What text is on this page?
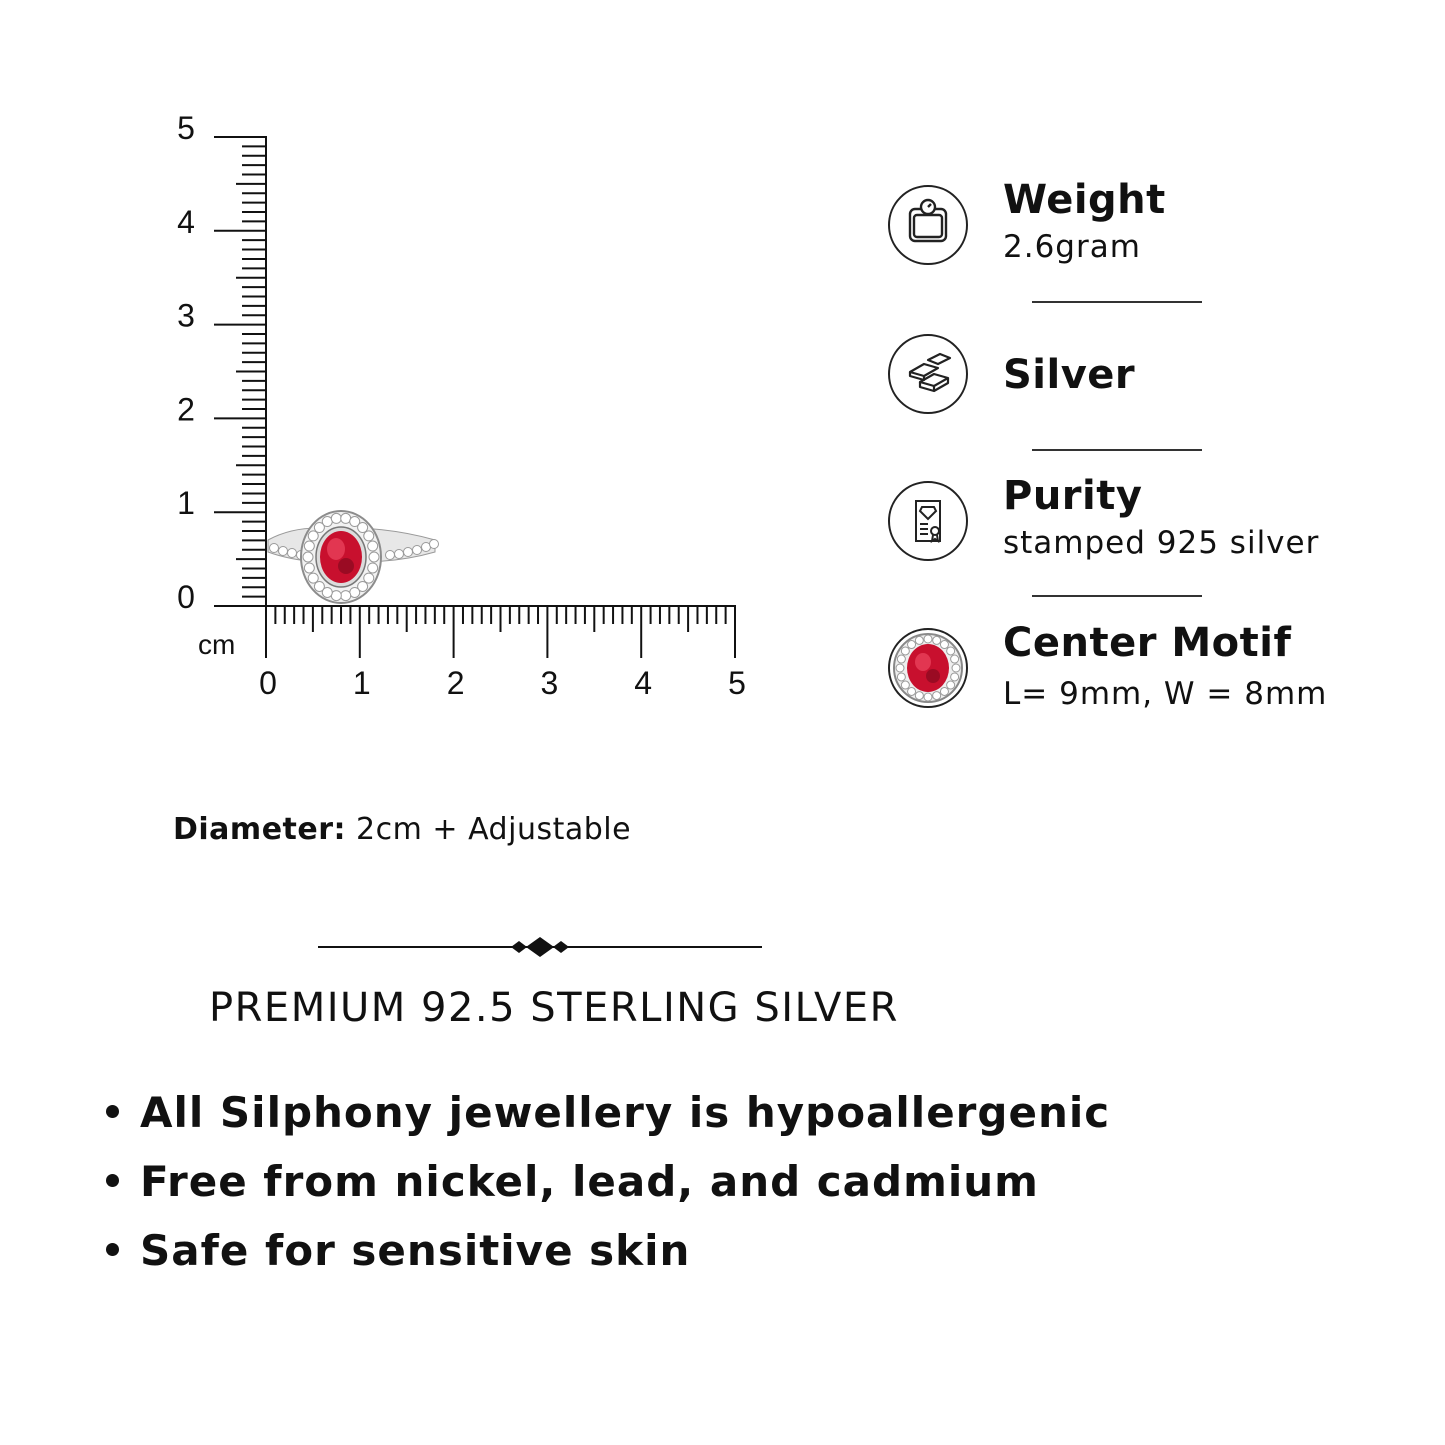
0
1
2
3
4
5
0 1 2 3 4 5
cm
Weight
2.6gram
Silver
Purity
stamped 925 silver
Center Motif
L= 9mm, W = 8mm
Diameter: 2cm + Adjustable
PREMIUM 92.5 STERLING SILVER
All Silphony jewellery is hypoallergenic
Free from nickel, lead, and cadmium
Safe for sensitive skin
